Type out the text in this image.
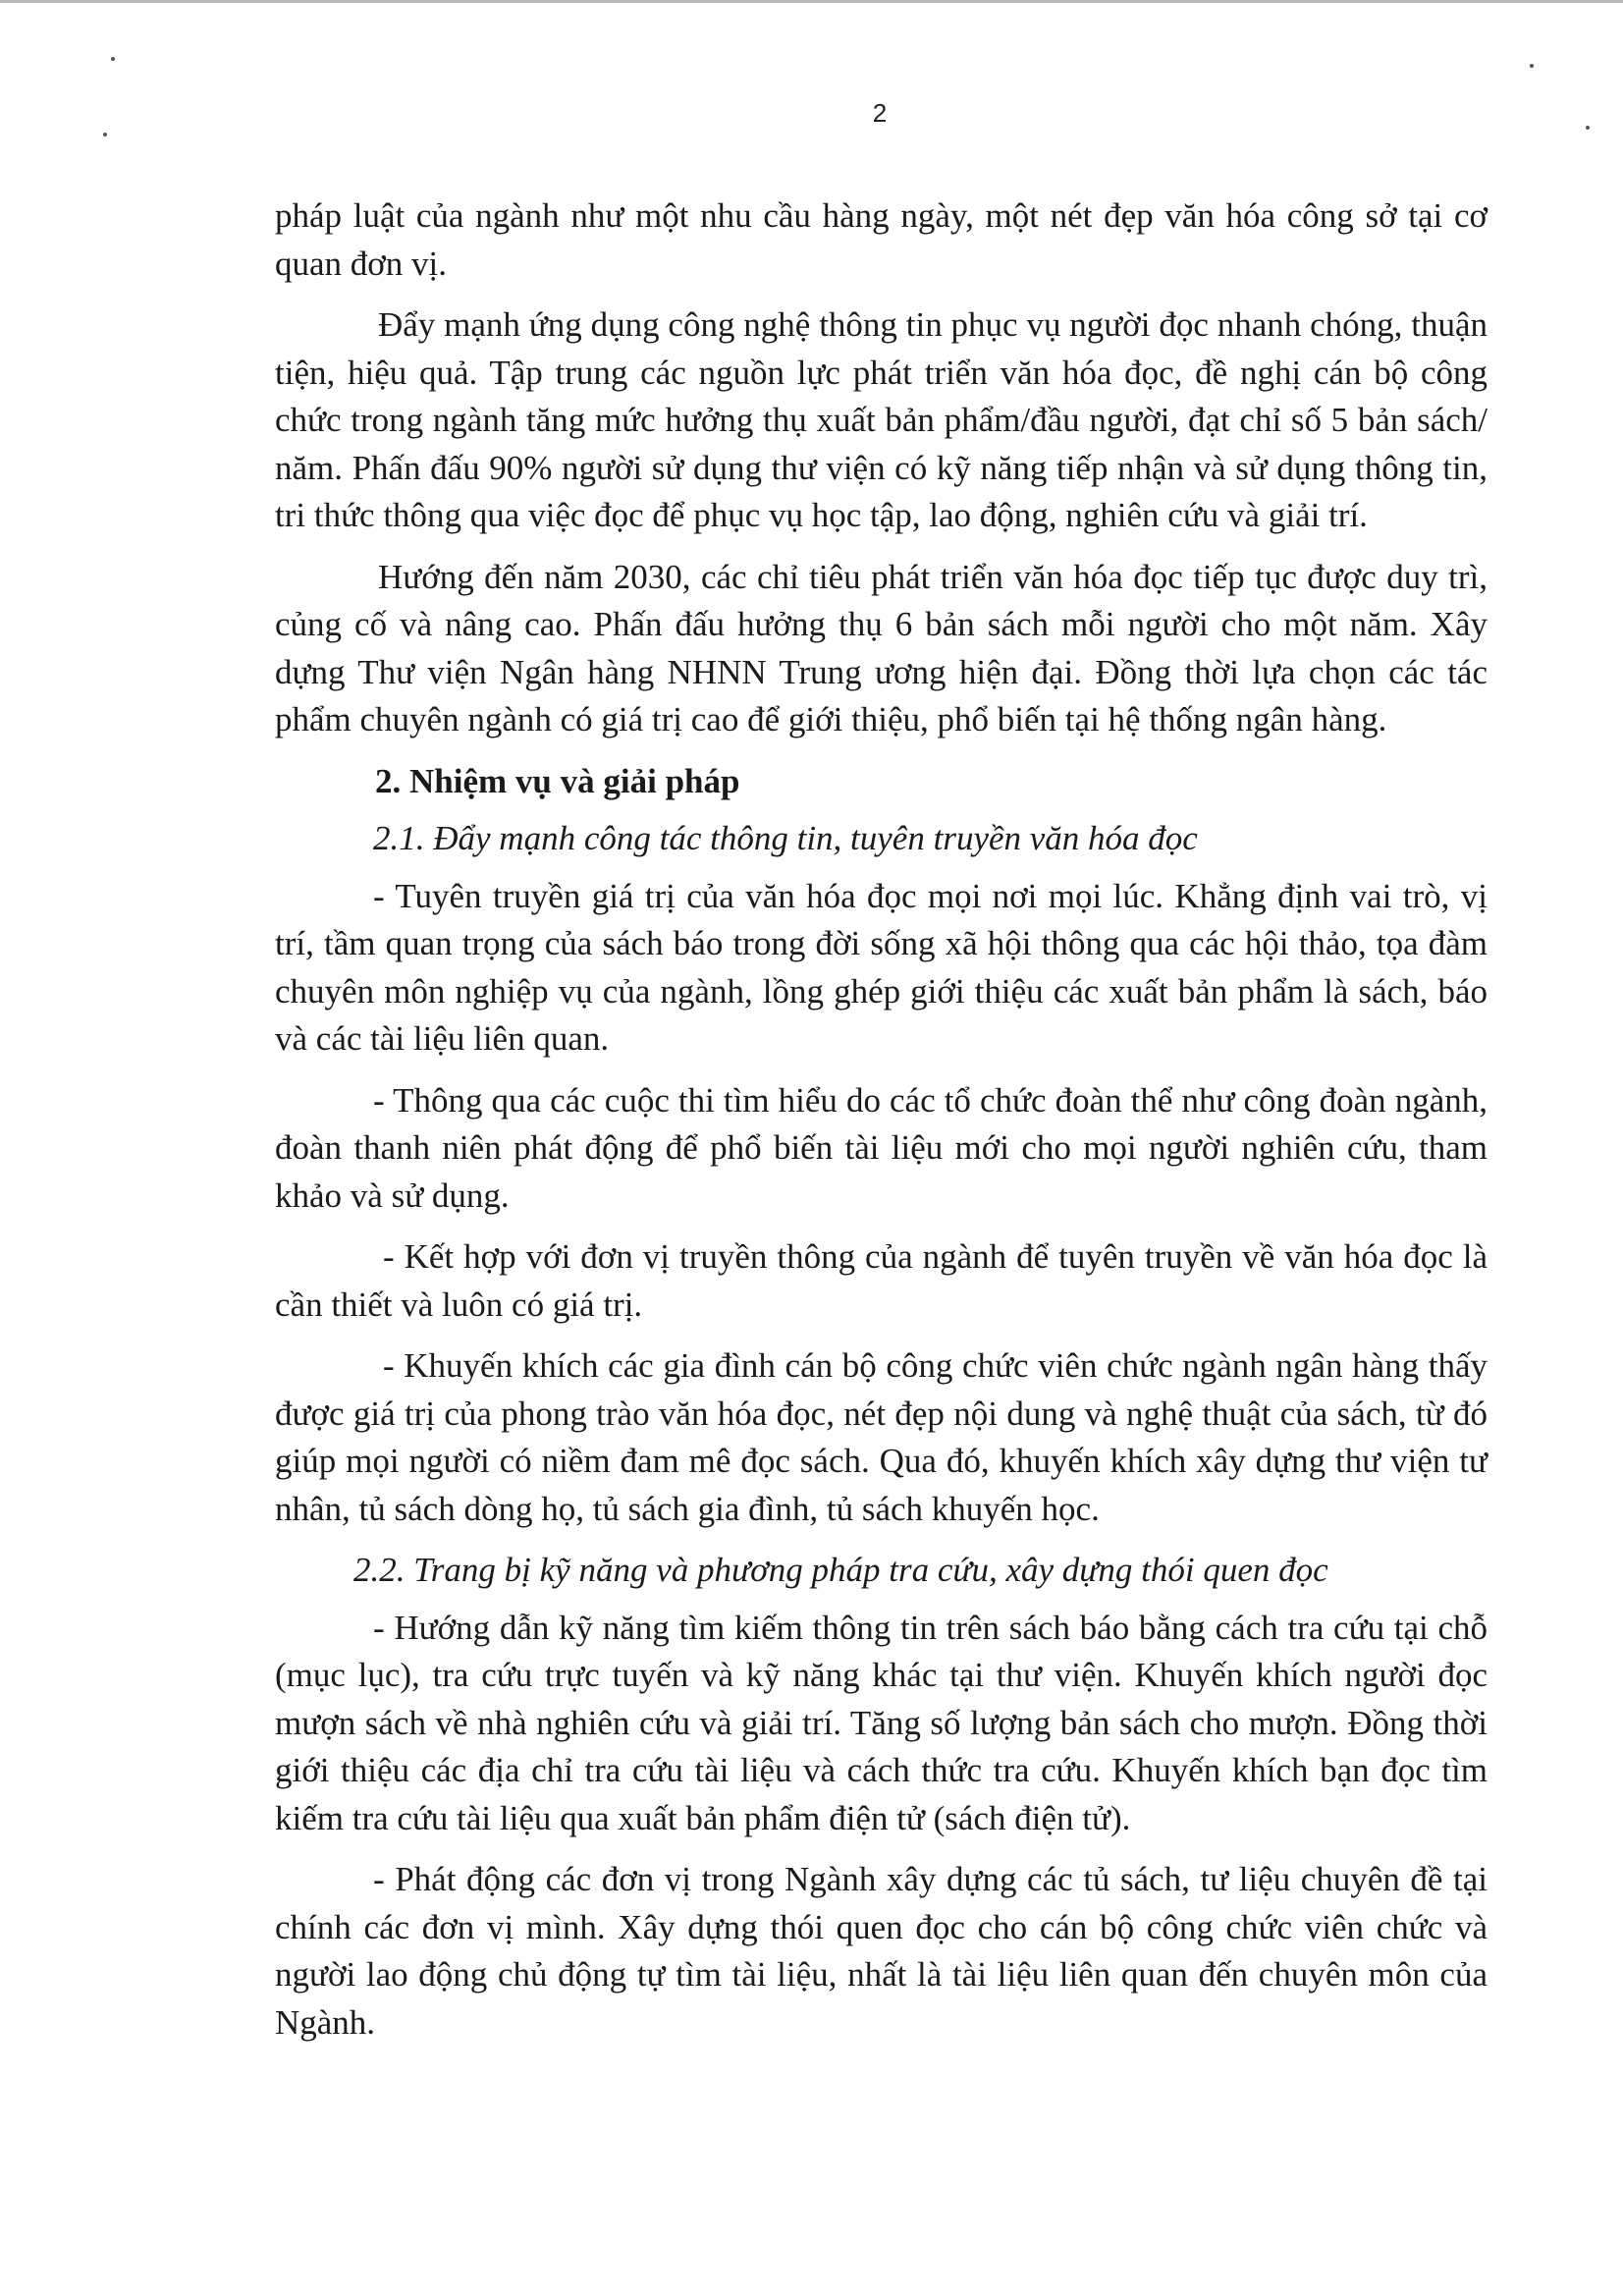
2

pháp luật của ngành như một nhu cầu hàng ngày, một nét đẹp văn hóa công sở tại cơ quan đơn vị.

Đẩy mạnh ứng dụng công nghệ thông tin phục vụ người đọc nhanh chóng, thuận tiện, hiệu quả. Tập trung các nguồn lực phát triển văn hóa đọc, đề nghị cán bộ công chức trong ngành tăng mức hưởng thụ xuất bản phẩm/đầu người, đạt chỉ số 5 bản sách/ năm. Phấn đấu 90% người sử dụng thư viện có kỹ năng tiếp nhận và sử dụng thông tin, tri thức thông qua việc đọc để phục vụ học tập, lao động, nghiên cứu và giải trí.

Hướng đến năm 2030, các chỉ tiêu phát triển văn hóa đọc tiếp tục được duy trì, củng cố và nâng cao. Phấn đấu hưởng thụ 6 bản sách mỗi người cho một năm. Xây dựng Thư viện Ngân hàng NHNN Trung ương hiện đại. Đồng thời lựa chọn các tác phẩm chuyên ngành có giá trị cao để giới thiệu, phổ biến tại hệ thống ngân hàng.

2. Nhiệm vụ và giải pháp
2.1. Đẩy mạnh công tác thông tin, tuyên truyền văn hóa đọc

- Tuyên truyền giá trị của văn hóa đọc mọi nơi mọi lúc. Khẳng định vai trò, vị trí, tầm quan trọng của sách báo trong đời sống xã hội thông qua các hội thảo, tọa đàm chuyên môn nghiệp vụ của ngành, lồng ghép giới thiệu các xuất bản phẩm là sách, báo và các tài liệu liên quan.

- Thông qua các cuộc thi tìm hiểu do các tổ chức đoàn thể như công đoàn ngành, đoàn thanh niên phát động để phổ biến tài liệu mới cho mọi người nghiên cứu, tham khảo và sử dụng.

- Kết hợp với đơn vị truyền thông của ngành để tuyên truyền về văn hóa đọc là cần thiết và luôn có giá trị.

- Khuyến khích các gia đình cán bộ công chức viên chức ngành ngân hàng thấy được giá trị của phong trào văn hóa đọc, nét đẹp nội dung và nghệ thuật của sách, từ đó giúp mọi người có niềm đam mê đọc sách. Qua đó, khuyến khích xây dựng thư viện tư nhân, tủ sách dòng họ, tủ sách gia đình, tủ sách khuyến học.

2.2. Trang bị kỹ năng và phương pháp tra cứu, xây dựng thói quen đọc

- Hướng dẫn kỹ năng tìm kiếm thông tin trên sách báo bằng cách tra cứu tại chỗ (mục lục), tra cứu trực tuyến và kỹ năng khác tại thư viện. Khuyến khích người đọc mượn sách về nhà nghiên cứu và giải trí. Tăng số lượng bản sách cho mượn. Đồng thời giới thiệu các địa chỉ tra cứu tài liệu và cách thức tra cứu. Khuyến khích bạn đọc tìm kiếm tra cứu tài liệu qua xuất bản phẩm điện tử (sách điện tử).

- Phát động các đơn vị trong Ngành xây dựng các tủ sách, tư liệu chuyên đề tại chính các đơn vị mình. Xây dựng thói quen đọc cho cán bộ công chức viên chức và người lao động chủ động tự tìm tài liệu, nhất là tài liệu liên quan đến chuyên môn của Ngành.
